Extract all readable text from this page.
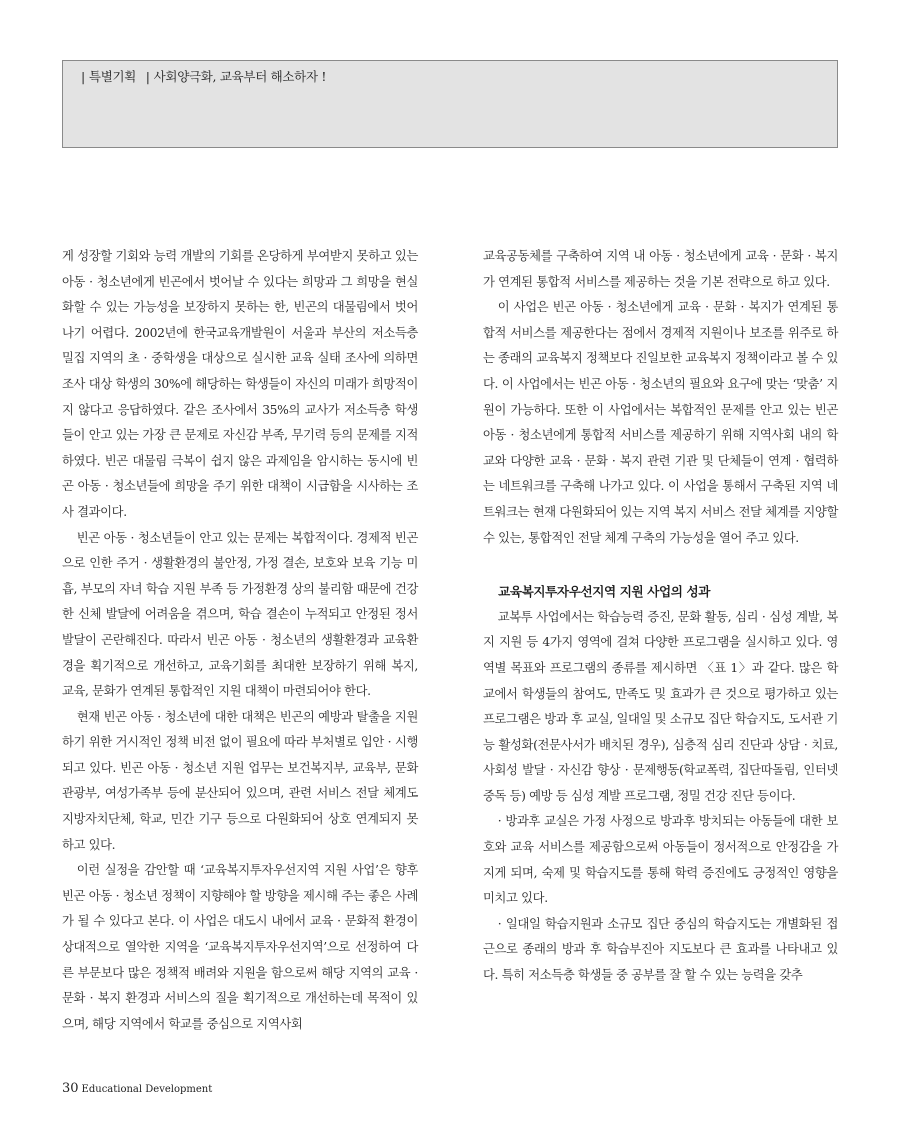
| 특별기획 | 사회양극화, 교육부터 해소하자 !

게 성장할 기회와 능력 개발의 기회를 온당하게 부여받지 못하고 있는 아동 · 청소년에게 빈곤에서 벗어날 수 있다는 희망과 그 희망을 현실화할 수 있는 가능성을 보장하지 못하는 한, 빈곤의 대물림에서 벗어나기 어렵다. 2002년에 한국교육개발원이 서울과 부산의 저소득층 밀집 지역의 초 · 중학생을 대상으로 실시한 교육 실태 조사에 의하면 조사 대상 학생의 30%에 해당하는 학생들이 자신의 미래가 희망적이지 않다고 응답하였다. 같은 조사에서 35%의 교사가 저소득층 학생들이 안고 있는 가장 큰 문제로 자신감 부족, 무기력 등의 문제를 지적하였다. 빈곤 대물림 극복이 쉽지 않은 과제임을 암시하는 동시에 빈곤 아동 · 청소년들에 희망을 주기 위한 대책이 시급함을 시사하는 조사 결과이다.

빈곤 아동 · 청소년들이 안고 있는 문제는 복합적이다. 경제적 빈곤으로 인한 주거 · 생활환경의 불안정, 가정 결손, 보호와 보육 기능 미흡, 부모의 자녀 학습 지원 부족 등 가정환경 상의 불리함 때문에 건강한 신체 발달에 어려움을 겪으며, 학습 결손이 누적되고 안정된 정서 발달이 곤란해진다. 따라서 빈곤 아동 · 청소년의 생활환경과 교육환경을 획기적으로 개선하고, 교육기회를 최대한 보장하기 위해 복지, 교육, 문화가 연계된 통합적인 지원 대책이 마련되어야 한다.

현재 빈곤 아동 · 청소년에 대한 대책은 빈곤의 예방과 탈출을 지원하기 위한 거시적인 정책 비전 없이 필요에 따라 부처별로 입안 · 시행되고 있다. 빈곤 아동 · 청소년 지원 업무는 보건복지부, 교육부, 문화관광부, 여성가족부 등에 분산되어 있으며, 관련 서비스 전달 체계도 지방자치단체, 학교, 민간 기구 등으로 다원화되어 상호 연계되지 못하고 있다.

이런 실정을 감안할 때 ‘교육복지투자우선지역 지원 사업’은 향후 빈곤 아동 · 청소년 정책이 지향해야 할 방향을 제시해 주는 좋은 사례가 될 수 있다고 본다. 이 사업은 대도시 내에서 교육 · 문화적 환경이 상대적으로 열악한 지역을 ‘교육복지투자우선지역’으로 선정하여 다른 부문보다 많은 정책적 배려와 지원을 함으로써 해당 지역의 교육 · 문화 · 복지 환경과 서비스의 질을 획기적으로 개선하는데 목적이 있으며, 해당 지역에서 학교를 중심으로 지역사회

교육공동체를 구축하여 지역 내 아동 · 청소년에게 교육 · 문화 · 복지가 연계된 통합적 서비스를 제공하는 것을 기본 전략으로 하고 있다.

이 사업은 빈곤 아동 · 청소년에게 교육 · 문화 · 복지가 연계된 통합적 서비스를 제공한다는 점에서 경제적 지원이나 보조를 위주로 하는 종래의 교육복지 정책보다 진일보한 교육복지 정책이라고 볼 수 있다. 이 사업에서는 빈곤 아동 · 청소년의 필요와 요구에 맞는 ‘맞춤’ 지원이 가능하다. 또한 이 사업에서는 복합적인 문제를 안고 있는 빈곤 아동 · 청소년에게 통합적 서비스를 제공하기 위해 지역사회 내의 학교와 다양한 교육 · 문화 · 복지 관련 기관 및 단체들이 연계 · 협력하는 네트워크를 구축해 나가고 있다. 이 사업을 통해서 구축된 지역 네트워크는 현재 다원화되어 있는 지역 복지 서비스 전달 체계를 지양할 수 있는, 통합적인 전달 체계 구축의 가능성을 열어 주고 있다.

교육복지투자우선지역 지원 사업의 성과

교복투 사업에서는 학습능력 증진, 문화 활동, 심리 · 심성 계발, 복지 지원 등 4가지 영역에 걸쳐 다양한 프로그램을 실시하고 있다. 영역별 목표와 프로그램의 종류를 제시하면 〈표 1〉과 같다. 많은 학교에서 학생들의 참여도, 만족도 및 효과가 큰 것으로 평가하고 있는 프로그램은 방과 후 교실, 일대일 및 소규모 집단 학습지도, 도서관 기능 활성화(전문사서가 배치된 경우), 심층적 심리 진단과 상담 · 치료, 사회성 발달 · 자신감 향상 · 문제행동(학교폭력, 집단따돌림, 인터넷 중독 등) 예방 등 심성 계발 프로그램, 정밀 건강 진단 등이다.

· 방과후 교실은 가정 사정으로 방과후 방치되는 아동들에 대한 보호와 교육 서비스를 제공함으로써 아동들이 정서적으로 안정감을 가지게 되며, 숙제 및 학습지도를 통해 학력 증진에도 긍정적인 영향을 미치고 있다.

· 일대일 학습지원과 소규모 집단 중심의 학습지도는 개별화된 접근으로 종래의 방과 후 학습부진아 지도보다 큰 효과를 나타내고 있다. 특히 저소득층 학생들 중 공부를 잘 할 수 있는 능력을 갖추

30 Educational Development
